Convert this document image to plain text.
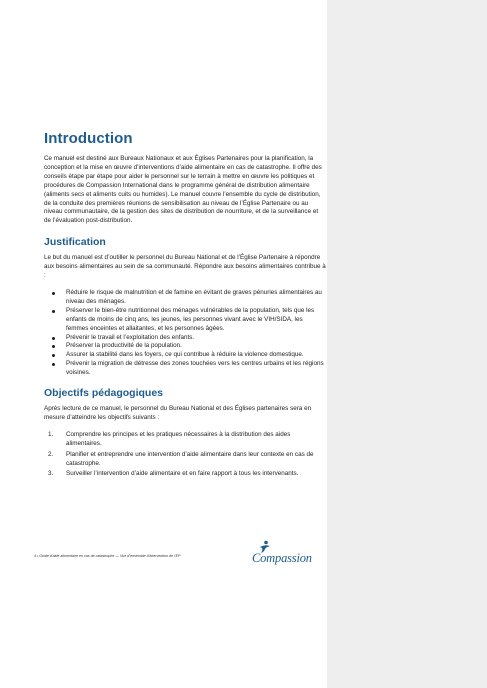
Introduction

Ce manuel est destiné aux Bureaux Nationaux et aux Églises Partenaires pour la planification, la conception et la mise en œuvre d’interventions d’aide alimentaire en cas de catastrophe. Il offre des conseils étape par étape pour aider le personnel sur le terrain à mettre en œuvre les politiques et procédures de Compassion International dans le programme général de distribution alimentaire (aliments secs et aliments cuits ou humides). Le manuel couvre l’ensemble du cycle de distribution, de la conduite des premières réunions de sensibilisation au niveau de l’Église Partenaire ou au niveau communautaire, de la gestion des sites de distribution de nourriture, et de la surveillance et de l’évaluation post-distribution.

Justification

Le but du manuel est d’outiller le personnel du Bureau National et de l’Église Partenaire à répondre aux besoins alimentaires au sein de sa communauté. Répondre aux besoins alimentaires contribue à :

Réduire le risque de malnutrition et de famine en évitant de graves pénuries alimentaires au niveau des ménages.
Préserver le bien-être nutritionnel des ménages vulnérables de la population, tels que les enfants de moins de cinq ans, les jeunes, les personnes vivant avec le VIH/SIDA, les femmes enceintes et allaitantes, et les personnes âgées.
Prévenir le travail et l’exploitation des enfants.
Préserver la productivité de la population.
Assurer la stabilité dans les foyers, ce qui contribue à réduire la violence domestique.
Prévenir la migration de détresse des zones touchées vers les centres urbains et les régions voisines.
Objectifs pédagogiques

Après lecture de ce manuel, le personnel du Bureau National et des Églises partenaires sera en mesure d’atteindre les objectifs suivants :

1. Comprendre les principes et les pratiques nécessaires à la distribution des aides alimentaires.
2. Planifier et entreprendre une intervention d’aide alimentaire dans leur contexte en cas de catastrophe.
3. Surveiller l’intervention d’aide alimentaire et en faire rapport à tous les intervenants.
4 • Guide d’aide alimentaire en cas de catastrophe — Vue d’ensemble d’intervention de l’EP	Compassion
